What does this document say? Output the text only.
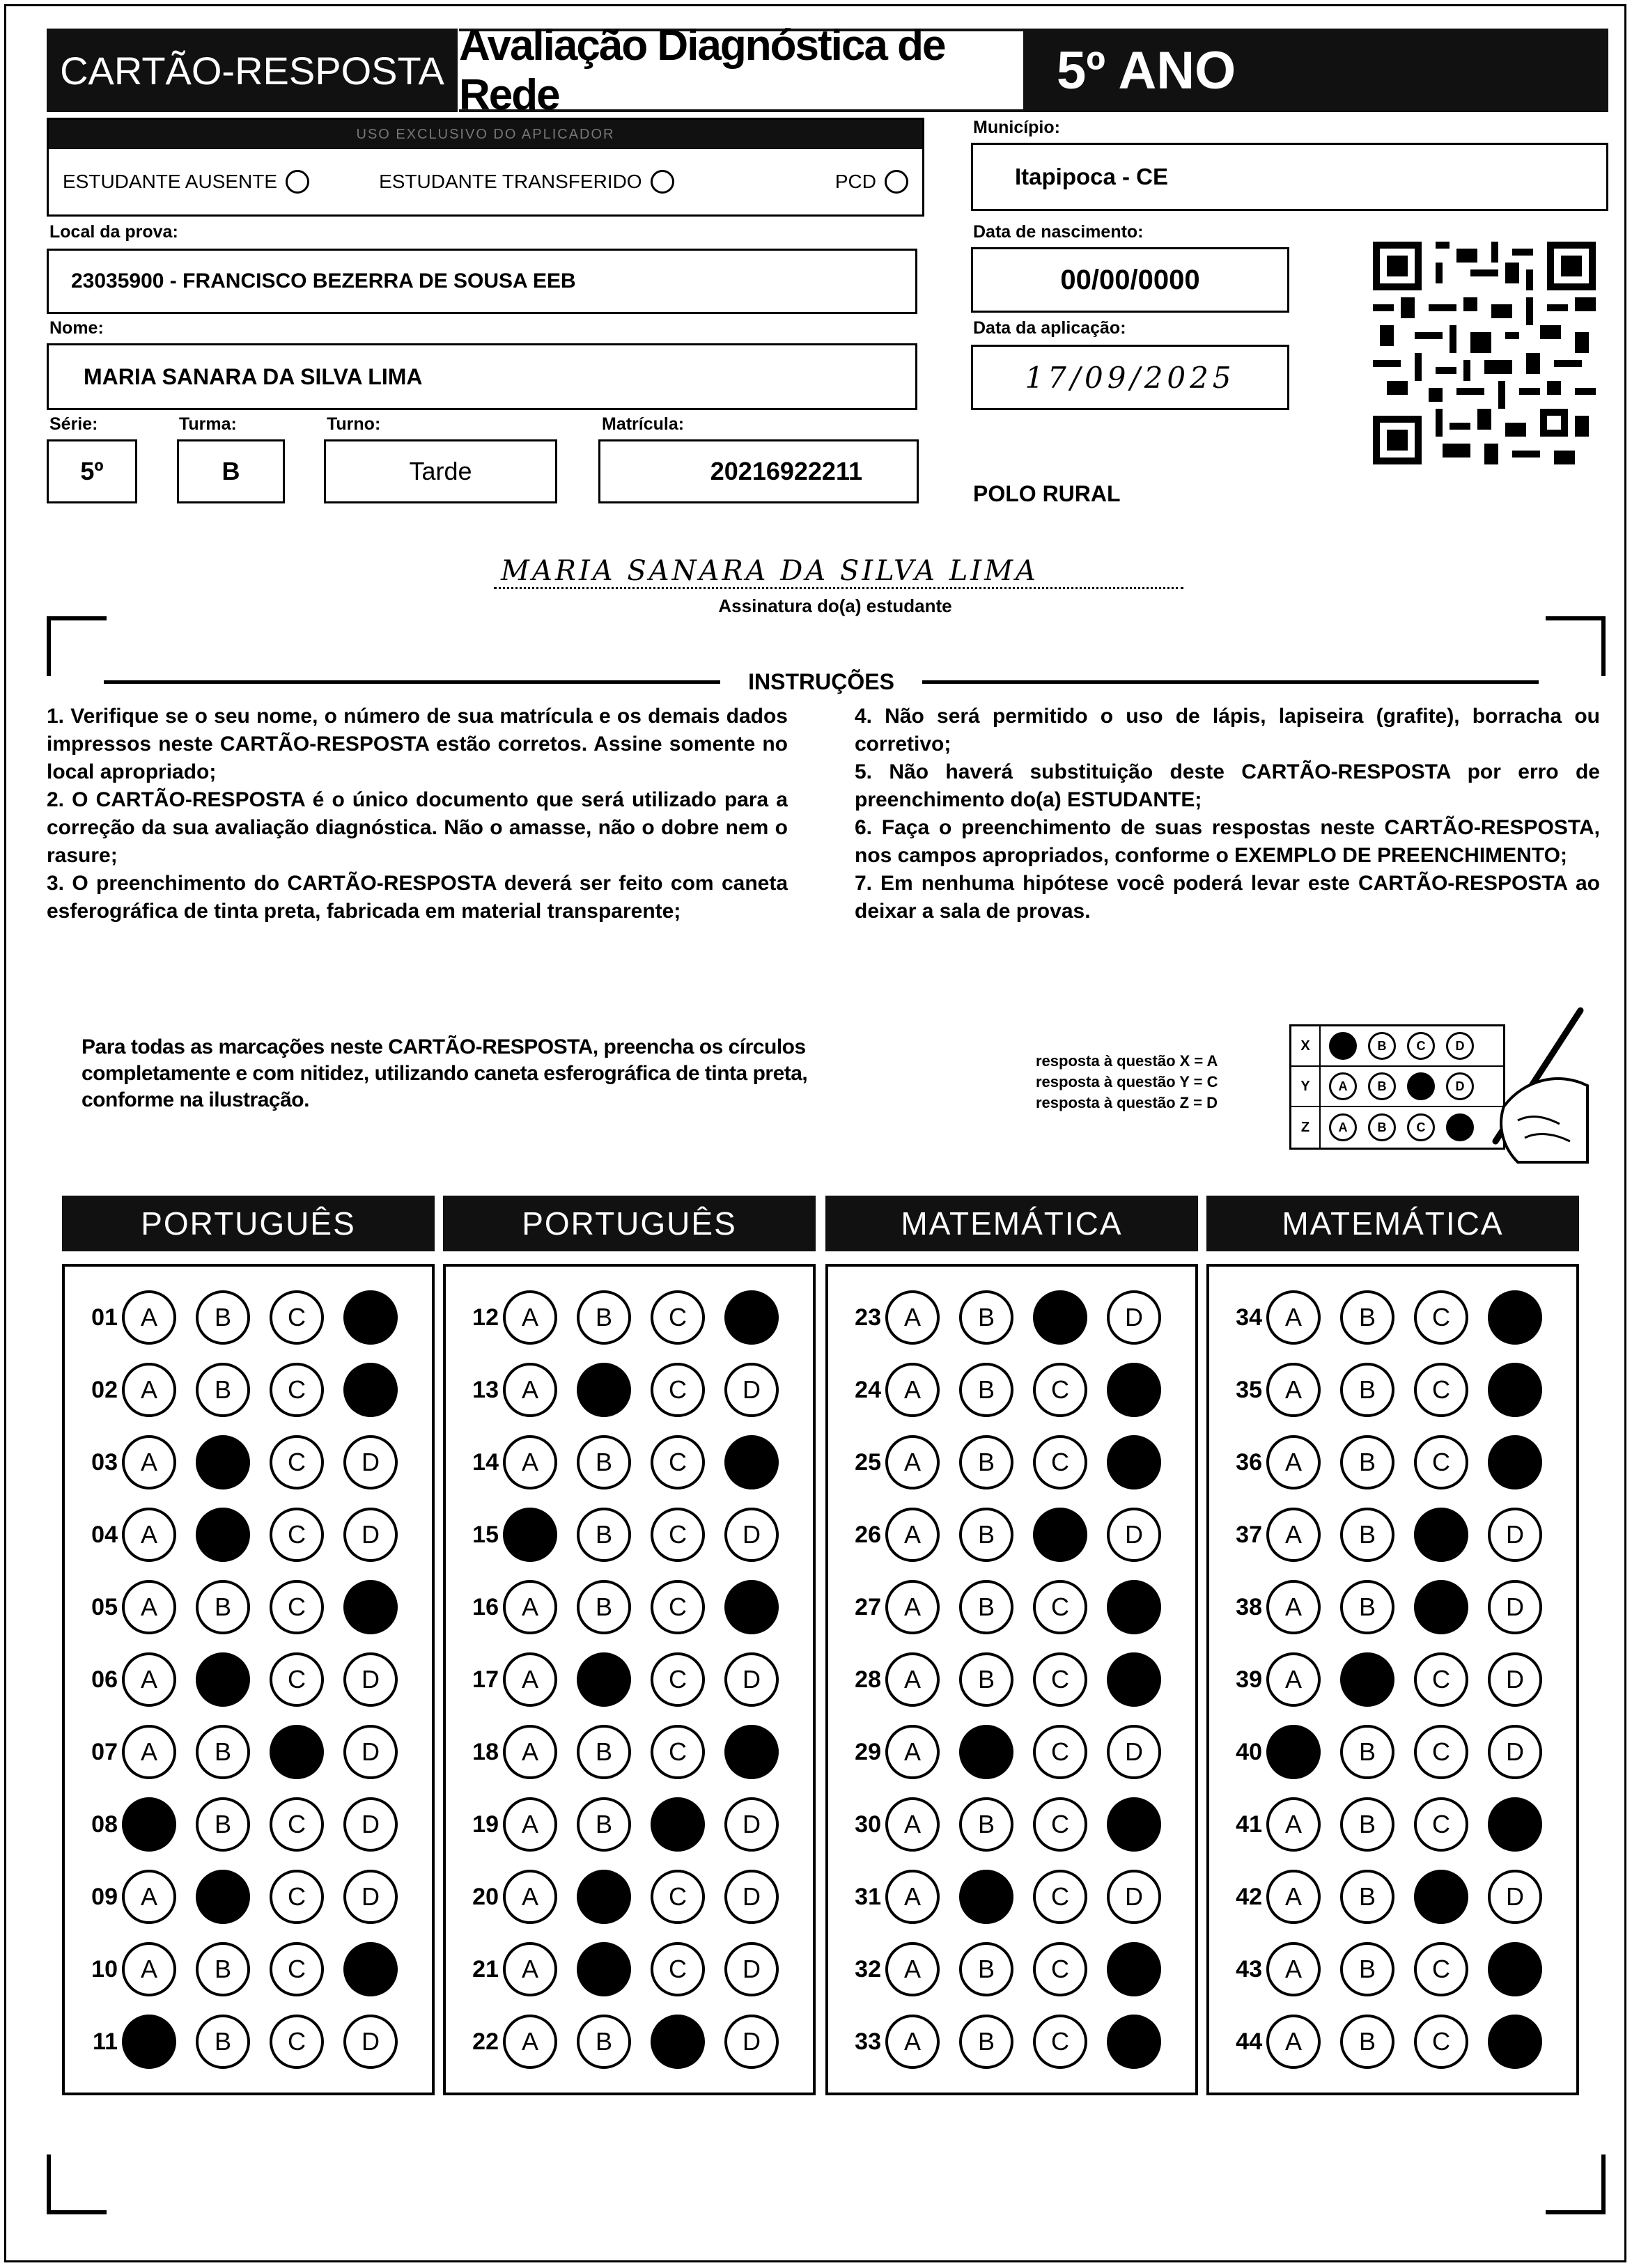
CARTÃO-RESPOSTA
Avaliação Diagnóstica de Rede	5º ANO
USO EXCLUSIVO DO APLICADOR
ESTUDANTE AUSENTE	ESTUDANTE TRANSFERIDO	PCD
Município:
Itapipoca - CE
Local da prova:
23035900 - FRANCISCO BEZERRA DE SOUSA EEB
Data de nascimento:
00/00/0000
Nome:
MARIA SANARA DA SILVA LIMA
Data da aplicação:
17/09/2025
Série:
5º
Turma:
B
Turno:
Tarde
Matrícula:
20216922211
POLO RURAL
MARIA SANARA DA SILVA LIMA
Assinatura do(a) estudante
INSTRUÇÕES

1. Verifique se o seu nome, o número de sua matrícula e os demais dados impressos neste CARTÃO-RESPOSTA estão corretos. Assine somente no local apropriado;

2. O CARTÃO-RESPOSTA é o único documento que será utilizado para a correção da sua avaliação diagnóstica. Não o amasse, não o dobre nem o rasure;

3. O preenchimento do CARTÃO-RESPOSTA deverá ser feito com caneta esferográfica de tinta preta, fabricada em material transparente;

4. Não será permitido o uso de lápis, lapiseira (grafite), borracha ou corretivo;

5. Não haverá substituição deste CARTÃO-RESPOSTA por erro de preenchimento do(a) ESTUDANTE;

6. Faça o preenchimento de suas respostas neste CARTÃO-RESPOSTA, nos campos apropriados, conforme o EXEMPLO DE PREENCHIMENTO;

7. Em nenhuma hipótese você poderá levar este CARTÃO-RESPOSTA ao deixar a sala de provas.

Para todas as marcações neste CARTÃO-RESPOSTA, preencha os círculos completamente e com nitidez, utilizando caneta esferográfica de tinta preta, conforme na ilustração.
resposta à questão X = A
resposta à questão Y = C
resposta à questão Z = D
X	A	B	C	D
Y	A	B	C	D
Z	A	B	C	D
PORTUGUÊS
01 A	B	C	D
02 A	B	C	D
03 A	B	C	D
04 A	B	C	D
05 A	B	C	D
06 A	B	C	D
07 A	B	C	D
08 A	B	C	D
09 A	B	C	D
10 A	B	C	D
11 A	B	C	D
PORTUGUÊS
12 A	B	C	D
13 A	B	C	D
14 A	B	C	D
15 A	B	C	D
16 A	B	C	D
17 A	B	C	D
18 A	B	C	D
19 A	B	C	D
20 A	B	C	D
21 A	B	C	D
22 A	B	C	D
MATEMÁTICA
23 A	B	C	D
24 A	B	C	D
25 A	B	C	D
26 A	B	C	D
27 A	B	C	D
28 A	B	C	D
29 A	B	C	D
30 A	B	C	D
31 A	B	C	D
32 A	B	C	D
33 A	B	C	D
MATEMÁTICA
34 A	B	C	D
35 A	B	C	D
36 A	B	C	D
37 A	B	C	D
38 A	B	C	D
39 A	B	C	D
40 A	B	C	D
41 A	B	C	D
42 A	B	C	D
43 A	B	C	D
44 A	B	C	D
